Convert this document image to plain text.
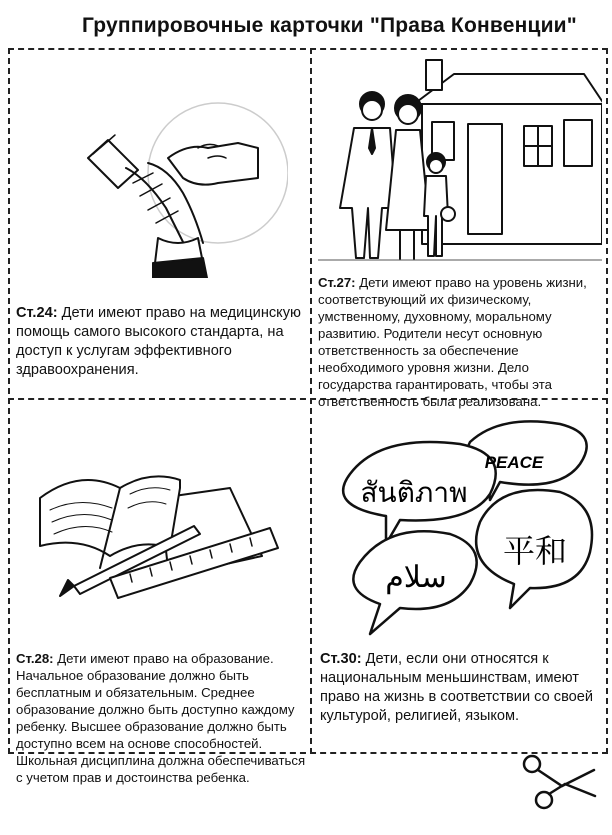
Группировочные карточки "Права Конвенции"
Ст.24: Дети имеют право на медицинскую помощь самого высокого стандарта, на доступ к услугам эффективного здравоохранения.
Ст.27: Дети имеют право на уровень жизни, соответствующий их физическому, умственному, духовному, моральному развитию. Родители несут основную ответственность за обеспечение необходимого уровня жизни. Дело государства гарантировать, чтобы эта ответственность была реализована.
Ст.28: Дети имеют право на образование. Начальное образование должно быть бесплатным и обязательным. Среднее образование должно быть доступно каждому ребенку. Высшее образование должно быть доступно всем на основе способностей. Школьная дисциплина должна обеспечиваться с учетом прав и достоинства ребенка.
PEACE
สันติภาพ
平和
سلام
Ст.30: Дети, если они относятся к национальным меньшинствам, имеют право на жизнь в соответствии со своей культурой, религией, языком.
